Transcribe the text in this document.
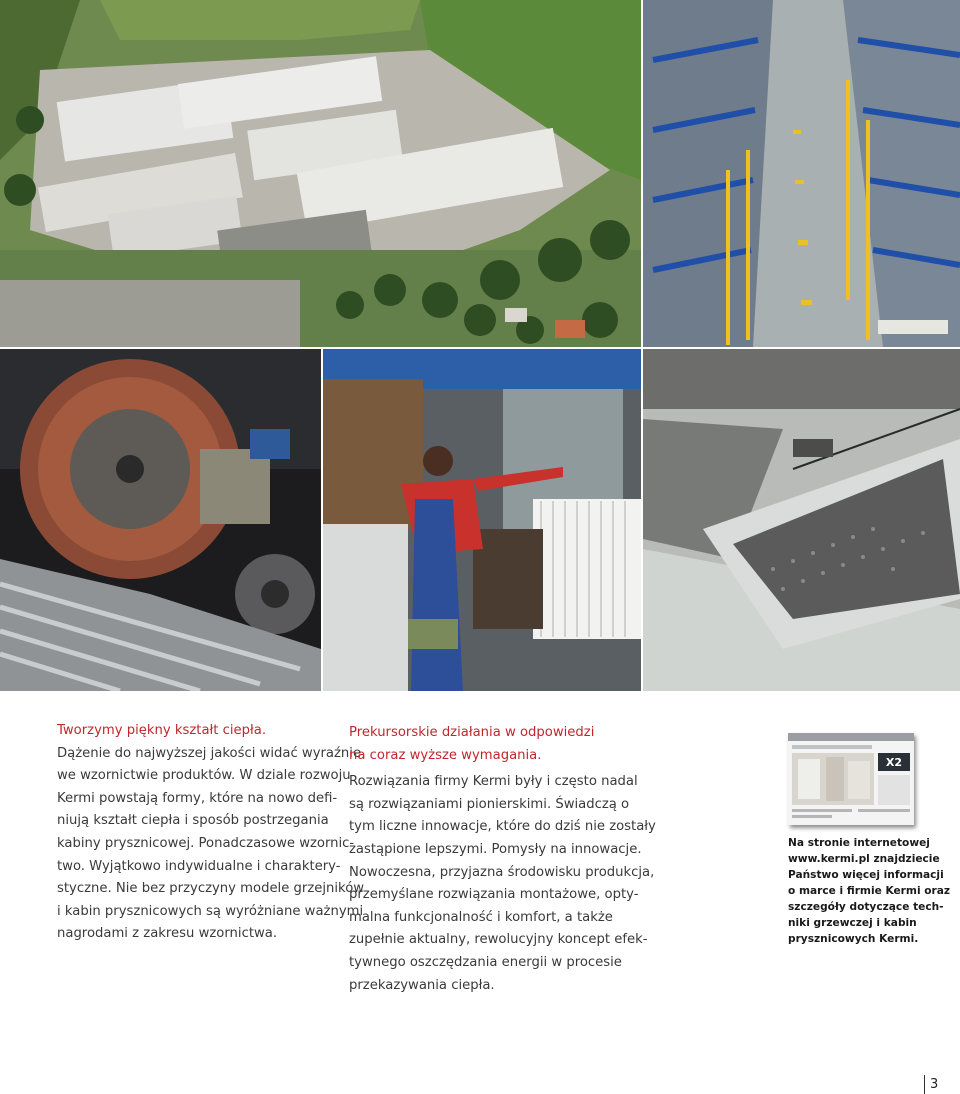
Tworzymy piękny kształt ciepła.
Dążenie do najwyższej jakości widać wyraźnie
we wzornictwie produktów. W dziale rozwoju
Kermi powstają formy, które na nowo defi-
niują kształt ciepła i sposób postrzegania
kabiny prysznicowej. Ponadczasowe wzornic-
two. Wyjątkowo indywidualne i charaktery-
styczne. Nie bez przyczyny modele grzejników
i kabin prysznicowych są wyróżniane ważnymi
nagrodami z zakresu wzornictwa.
Prekursorskie działania w odpowiedzi
na coraz wyższe wymagania.
Rozwiązania firmy Kermi były i często nadal
są rozwiązaniami pionierskimi. Świadczą o
tym liczne innowacje, które do dziś nie zostały
zastąpione lepszymi. Pomysły na innowacje.
Nowoczesna, przyjazna środowisku produkcja,
przemyślane rozwiązania montażowe, opty-
malna funkcjonalność i komfort, a także
zupełnie aktualny, rewolucyjny koncept efek-
tywnego oszczędzania energii w procesie
przekazywania ciepła.
X2
Na stronie internetowej
www.kermi.pl znajdziecie
Państwo więcej informacji
o marce i firmie Kermi oraz
szczegóły dotyczące tech-
niki grzewczej i kabin
prysznicowych Kermi.
3
